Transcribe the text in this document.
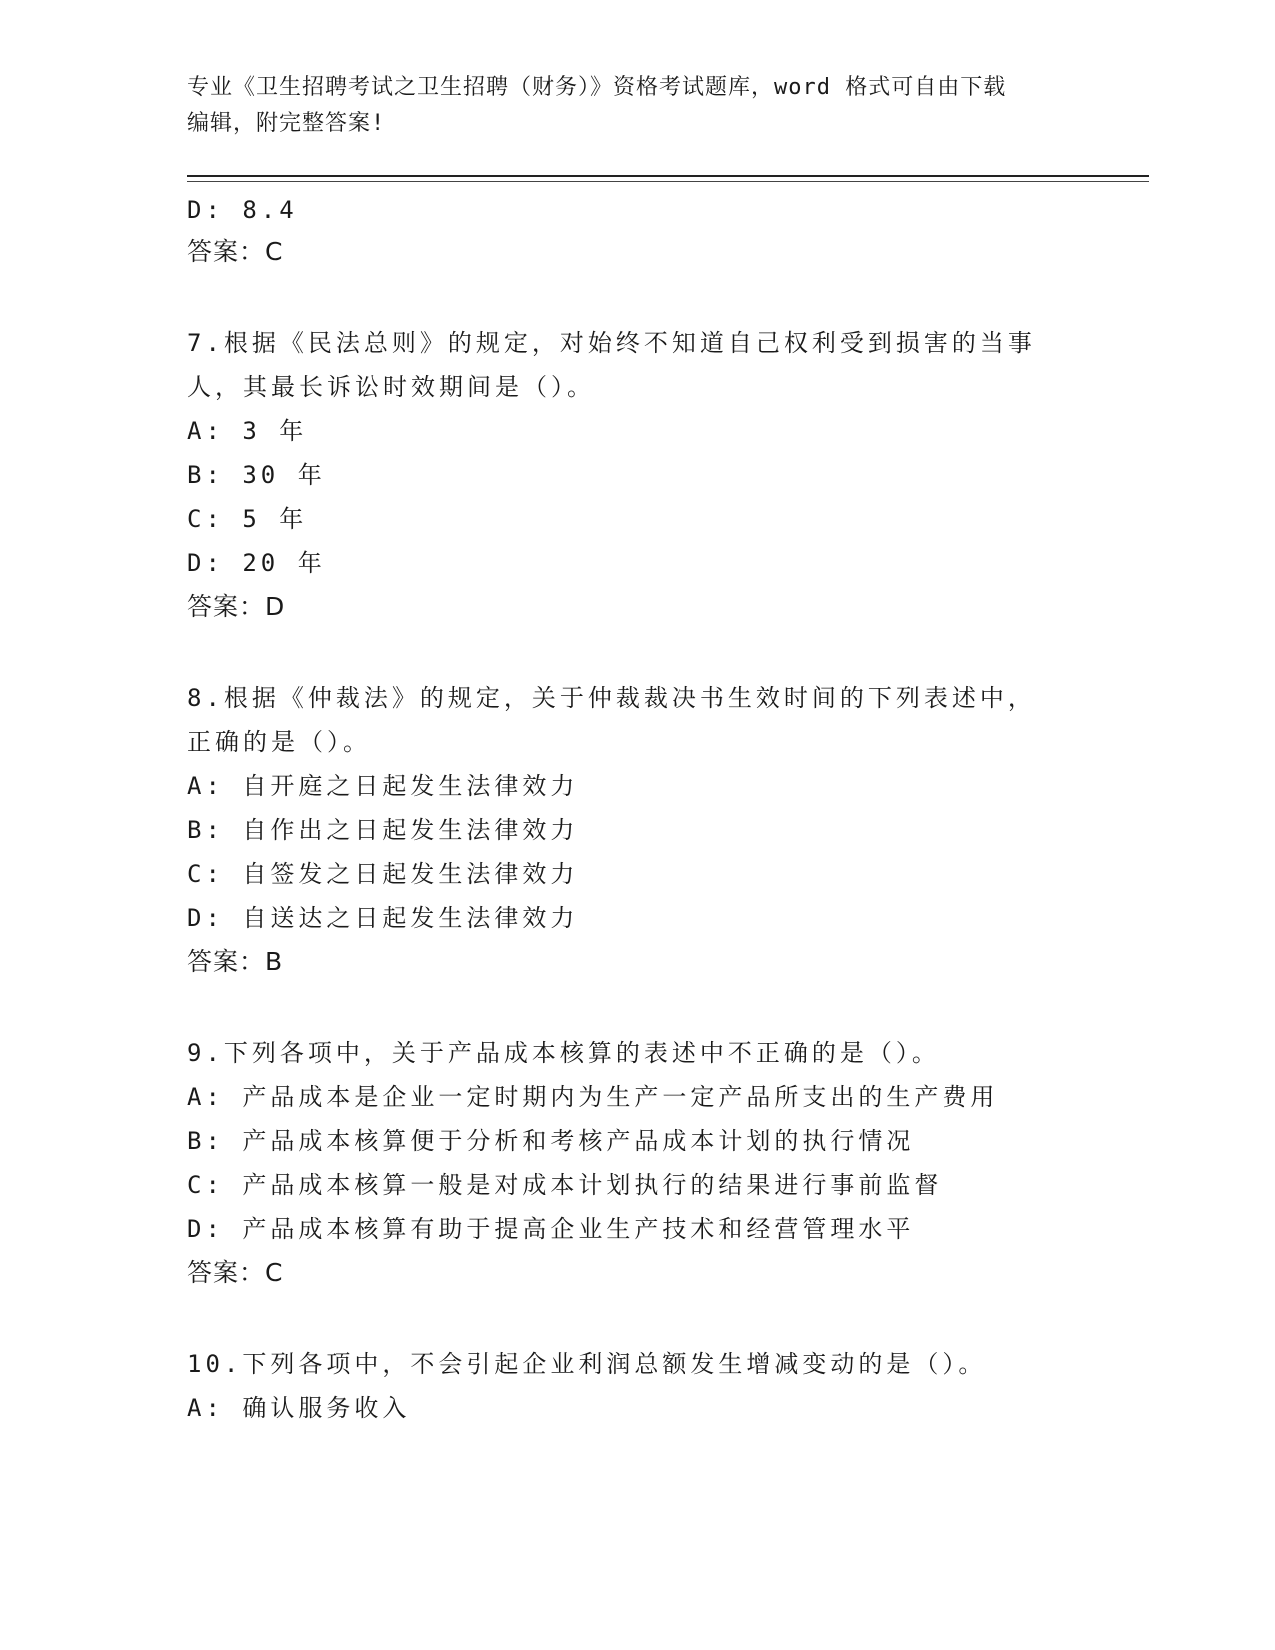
专业《卫生招聘考试之卫生招聘（财务）》资格考试题库，word 格式可自由下载
编辑，附完整答案!
D: 8.4
答案：C
7.根据《民法总则》的规定，对始终不知道自己权利受到损害的当事
人，其最长诉讼时效期间是（）。
A: 3 年
B: 30 年
C: 5 年
D: 20 年
答案：D
8.根据《仲裁法》的规定，关于仲裁裁决书生效时间的下列表述中，
正确的是（）。
A: 自开庭之日起发生法律效力
B: 自作出之日起发生法律效力
C: 自签发之日起发生法律效力
D: 自送达之日起发生法律效力
答案：B
9.下列各项中，关于产品成本核算的表述中不正确的是（）。
A: 产品成本是企业一定时期内为生产一定产品所支出的生产费用
B: 产品成本核算便于分析和考核产品成本计划的执行情况
C: 产品成本核算一般是对成本计划执行的结果进行事前监督
D: 产品成本核算有助于提高企业生产技术和经营管理水平
答案：C
10.下列各项中，不会引起企业利润总额发生增减变动的是（）。
A: 确认服务收入
